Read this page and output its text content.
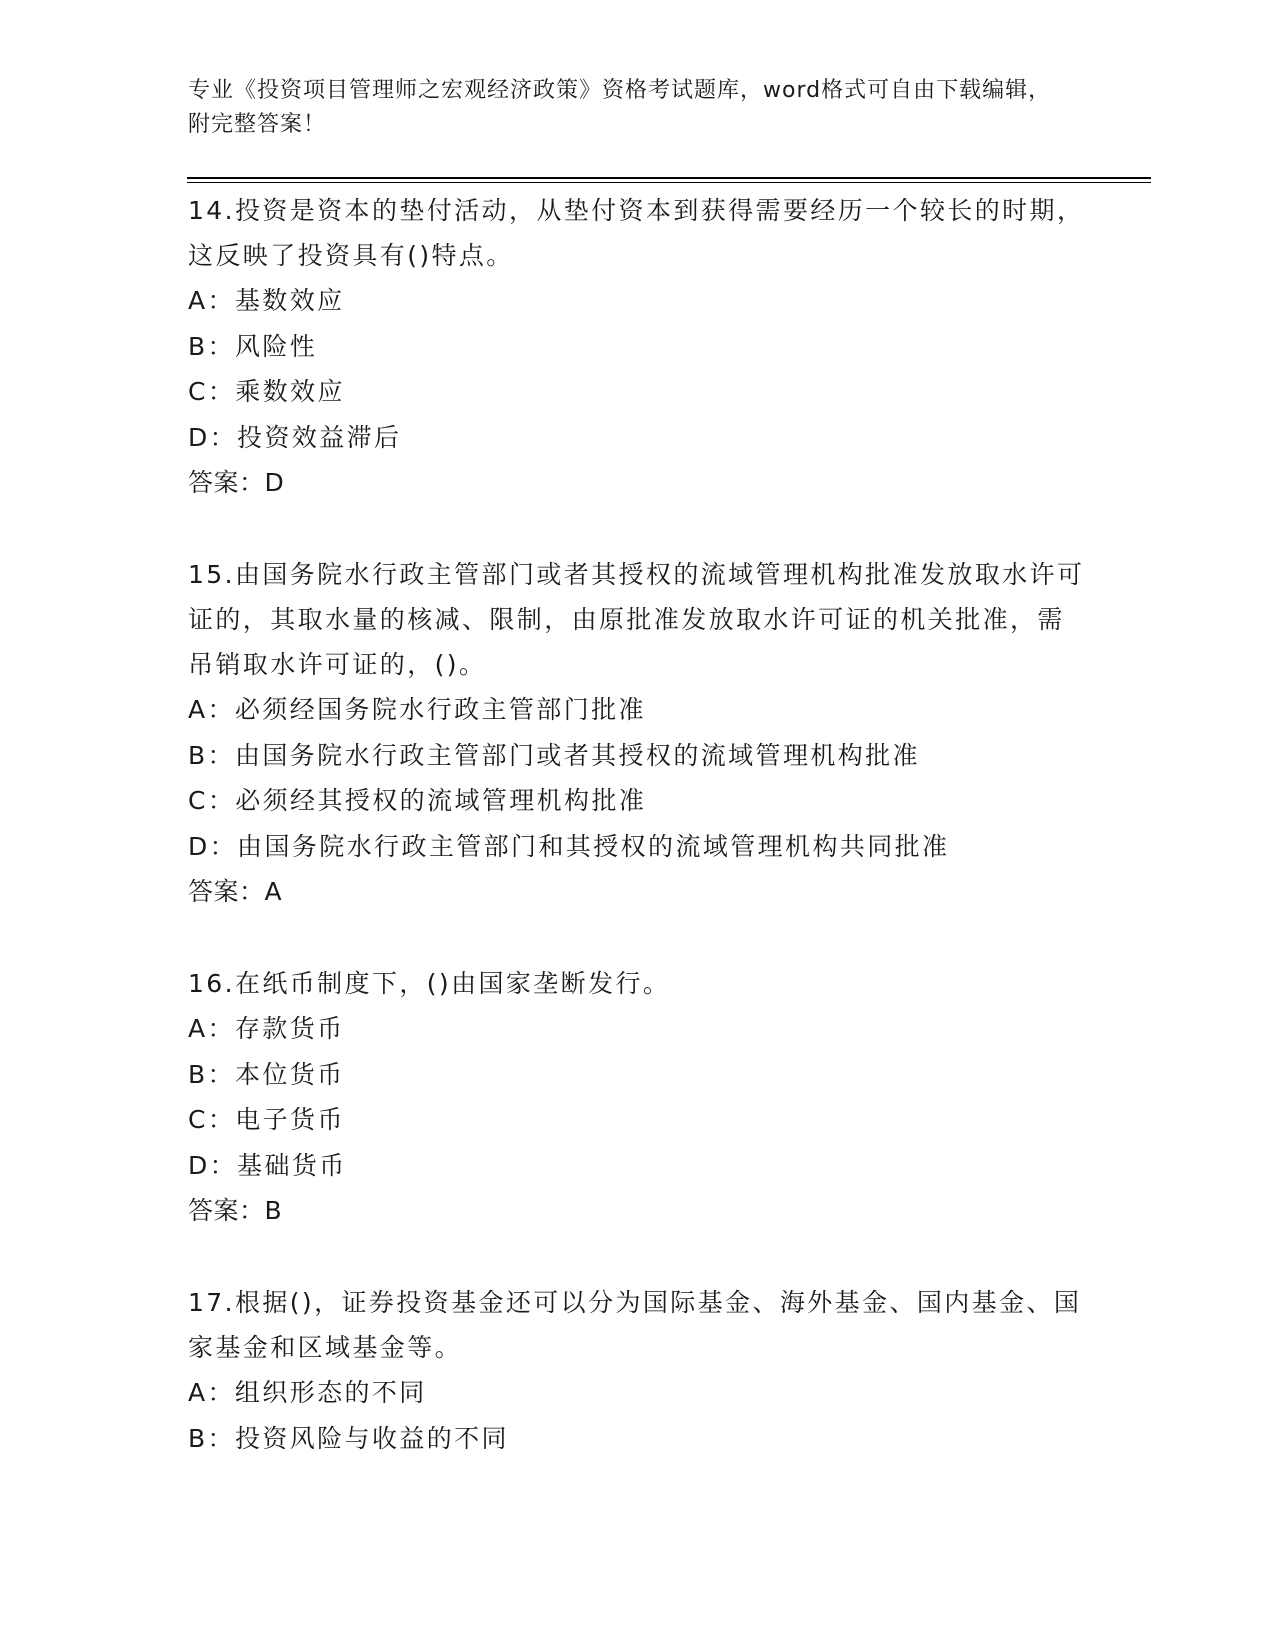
专业《投资项目管理师之宏观经济政策》资格考试题库，word格式可自由下载编辑，附完整答案！

14.投资是资本的垫付活动，从垫付资本到获得需要经历一个较长的时期，这反映了投资具有()特点。

A：基数效应

B：风险性

C：乘数效应

D：投资效益滞后

答案：D

15.由国务院水行政主管部门或者其授权的流域管理机构批准发放取水许可证的，其取水量的核减、限制，由原批准发放取水许可证的机关批准，需吊销取水许可证的，()。

A：必须经国务院水行政主管部门批准

B：由国务院水行政主管部门或者其授权的流域管理机构批准

C：必须经其授权的流域管理机构批准

D：由国务院水行政主管部门和其授权的流域管理机构共同批准

答案：A

16.在纸币制度下，()由国家垄断发行。

A：存款货币

B：本位货币

C：电子货币

D：基础货币

答案：B

17.根据()，证券投资基金还可以分为国际基金、海外基金、国内基金、国家基金和区域基金等。

A：组织形态的不同

B：投资风险与收益的不同
